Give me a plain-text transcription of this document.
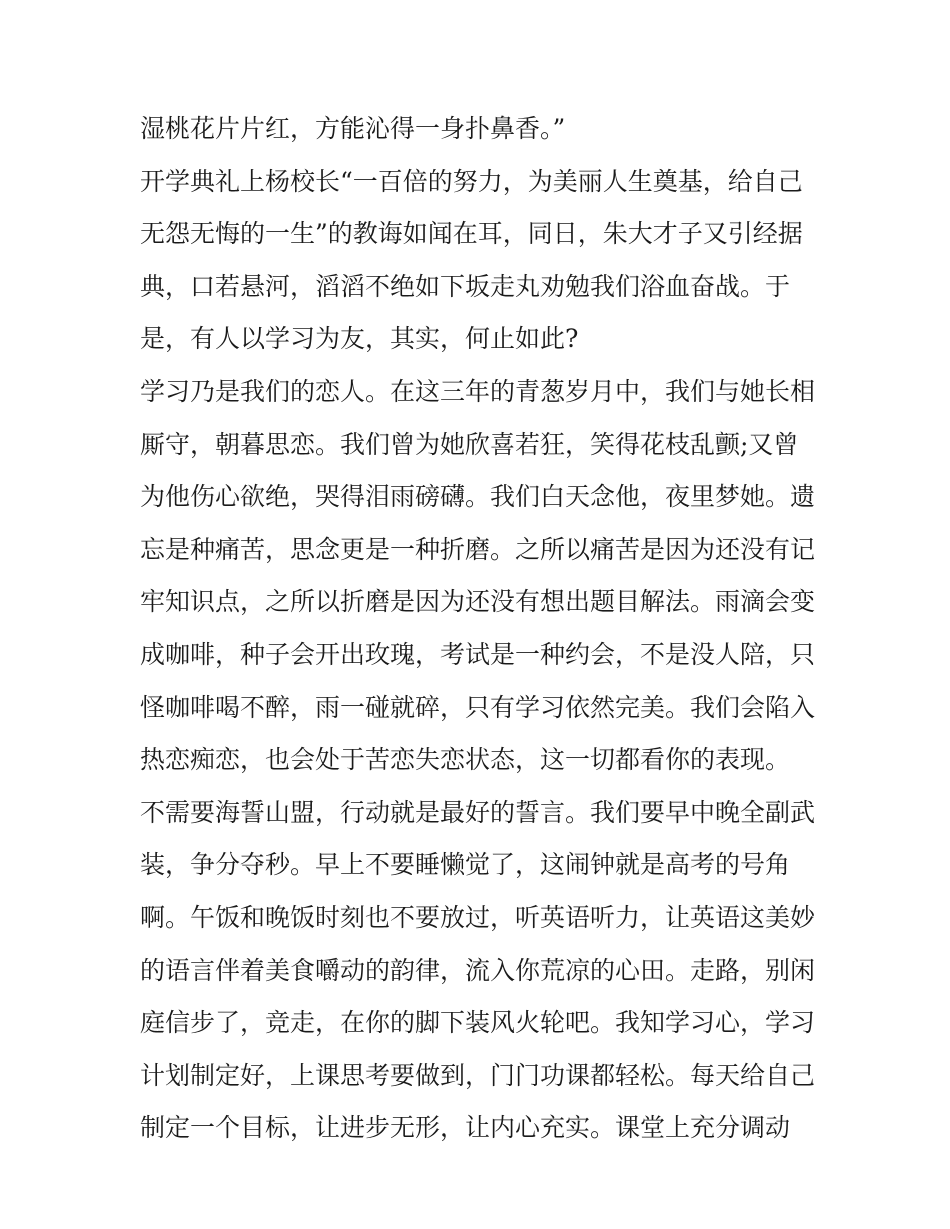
湿桃花片片红，方能沁得一身扑鼻香。”
开学典礼上杨校长“一百倍的努力，为美丽人生奠基，给自己
无怨无悔的一生”的教诲如闻在耳，同日，朱大才子又引经据
典，口若悬河，滔滔不绝如下坂走丸劝勉我们浴血奋战。于
是，有人以学习为友，其实，何止如此?
学习乃是我们的恋人。在这三年的青葱岁月中，我们与她长相
厮守，朝暮思恋。我们曾为她欣喜若狂，笑得花枝乱颤;又曾
为他伤心欲绝，哭得泪雨磅礴。我们白天念他，夜里梦她。遗
忘是种痛苦，思念更是一种折磨。之所以痛苦是因为还没有记
牢知识点，之所以折磨是因为还没有想出题目解法。雨滴会变
成咖啡，种子会开出玫瑰，考试是一种约会，不是没人陪，只
怪咖啡喝不醉，雨一碰就碎，只有学习依然完美。我们会陷入
热恋痴恋，也会处于苦恋失恋状态，这一切都看你的表现。
不需要海誓山盟，行动就是最好的誓言。我们要早中晚全副武
装，争分夺秒。早上不要睡懒觉了，这闹钟就是高考的号角
啊。午饭和晚饭时刻也不要放过，听英语听力，让英语这美妙
的语言伴着美食嚼动的韵律，流入你荒凉的心田。走路，别闲
庭信步了，竞走，在你的脚下装风火轮吧。我知学习心，学习
计划制定好，上课思考要做到，门门功课都轻松。每天给自己
制定一个目标，让进步无形，让内心充实。课堂上充分调动
